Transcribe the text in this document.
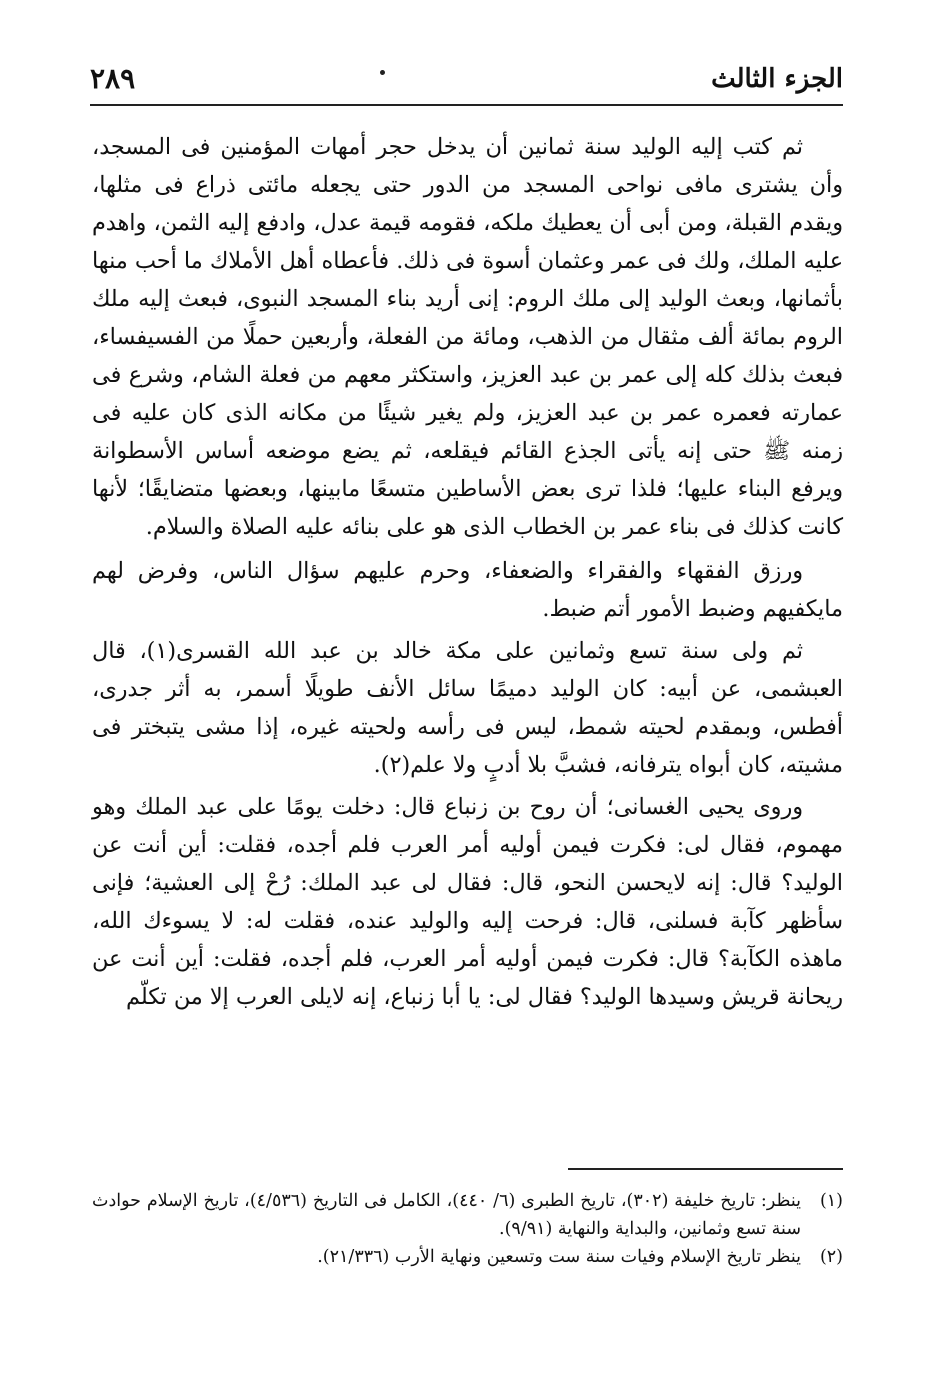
الجزء الثالث
٢٨٩

ثم كتب إليه الوليد سنة ثمانين أن يدخل حجر أمهات المؤمنين فى المسجد، وأن يشترى مافى نواحى المسجد من الدور حتى يجعله مائتى ذراع فى مثلها، ويقدم القبلة، ومن أبى أن يعطيك ملكه، فقومه قيمة عدل، وادفع إليه الثمن، واهدم عليه الملك، ولك فى عمر وعثمان أسوة فى ذلك. فأعطاه أهل الأملاك ما أحب منها بأثمانها، وبعث الوليد إلى ملك الروم: إنى أريد بناء المسجد النبوى، فبعث إليه ملك الروم بمائة ألف مثقال من الذهب، ومائة من الفعلة، وأربعين حملًا من الفسيفساء، فبعث بذلك كله إلى عمر بن عبد العزيز، واستكثر معهم من فعلة الشام، وشرع فى عمارته فعمره عمر بن عبد العزيز، ولم يغير شيئًا من مكانه الذى كان عليه فى زمنه ﷺ حتى إنه يأتى الجذع القائم فيقلعه، ثم يضع موضعه أساس الأسطوانة ويرفع البناء عليها؛ فلذا ترى بعض الأساطين متسعًا مابينها، وبعضها متضايقًا؛ لأنها كانت كذلك فى بناء عمر بن الخطاب الذى هو على بنائه عليه الصلاة والسلام.

ورزق الفقهاء والفقراء والضعفاء، وحرم عليهم سؤال الناس، وفرض لهم مايكفيهم وضبط الأمور أتم ضبط.

ثم ولى سنة تسع وثمانين على مكة خالد بن عبد الله القسرى(١)، قال العبشمى، عن أبيه: كان الوليد دميمًا سائل الأنف طويلًا أسمر، به أثر جدرى، أفطس، وبمقدم لحيته شمط، ليس فى رأسه ولحيته غيره، إذا مشى يتبختر فى مشيته، كان أبواه يترفانه، فشبَّ بلا أدبٍ ولا علم(٢).

وروى يحيى الغسانى؛ أن روح بن زنباع قال: دخلت يومًا على عبد الملك وهو مهموم، فقال لى: فكرت فيمن أوليه أمر العرب فلم أجده، فقلت: أين أنت عن الوليد؟ قال: إنه لايحسن النحو، قال: فقال لى عبد الملك: رُحْ إلى العشية؛ فإنى سأظهر كآبة فسلنى، قال: فرحت إليه والوليد عنده، فقلت له: لا يسوءك الله، ماهذه الكآبة؟ قال: فكرت فيمن أوليه أمر العرب، فلم أجده، فقلت: أين أنت عن ريحانة قريش وسيدها الوليد؟ فقال لى: يا أبا زنباع، إنه لايلى العرب إلا من تكلّم

(١)
ينظر: تاريخ خليفة (٣٠٢)، تاريخ الطبرى (٦/ ٤٤٠)، الكامل فى التاريخ (٤/٥٣٦)، تاريخ الإسلام حوادث سنة تسع وثمانين، والبداية والنهاية (٩/٩١).
(٢)
ينظر تاريخ الإسلام وفيات سنة ست وتسعين ونهاية الأرب (٢١/٣٣٦).
